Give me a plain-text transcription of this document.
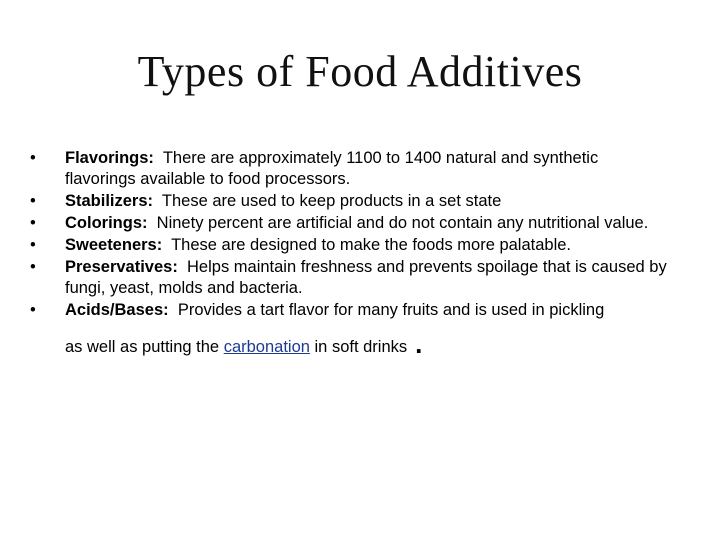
Types of Food Additives
•	Flavorings: There are approximately 1100 to 1400 natural and synthetic flavorings available to food processors.
•	Stabilizers: These are used to keep products in a set state
•	Colorings: Ninety percent are artificial and do not contain any nutritional value.
•	Sweeteners: These are designed to make the foods more palatable.
•	Preservatives: Helps maintain freshness and prevents spoilage that is caused by fungi, yeast, molds and bacteria.
•	Acids/Bases: Provides a tart flavor for many fruits and is used in pickling
as well as putting the carbonation in soft drinks .
